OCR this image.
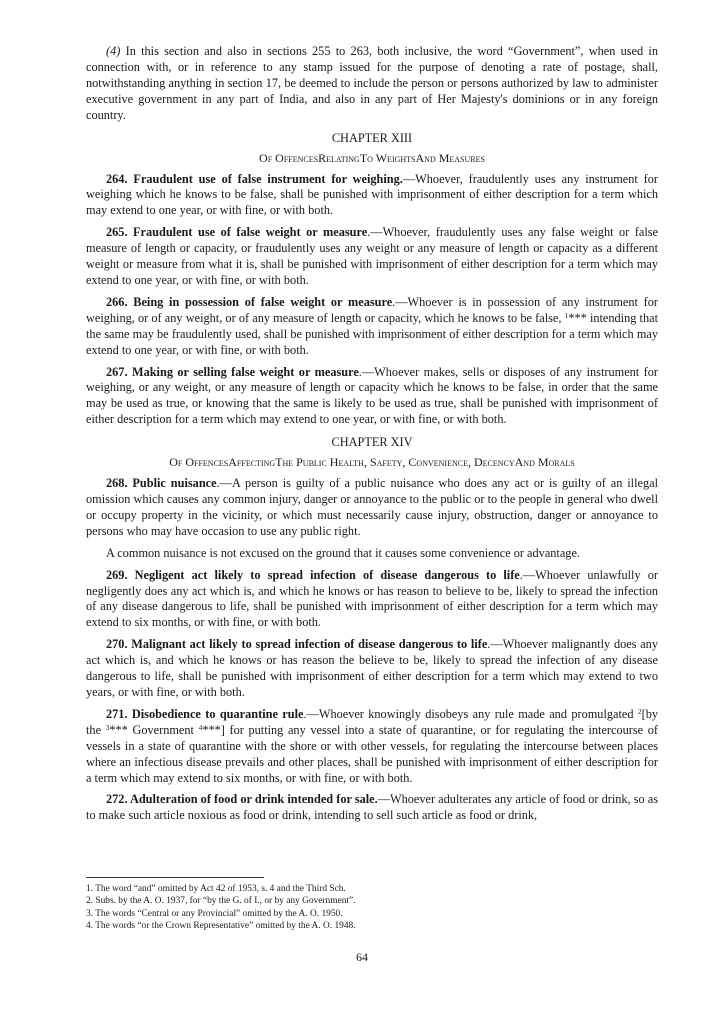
(4) In this section and also in sections 255 to 263, both inclusive, the word “Government”, when used in connection with, or in reference to any stamp issued for the purpose of denoting a rate of postage, shall, notwithstanding anything in section 17, be deemed to include the person or persons authorized by law to administer executive government in any part of India, and also in any part of Her Majesty's dominions or in any foreign country.

CHAPTER XIII
Of OffencesRelatingTo WeightsAnd Measures

264. Fraudulent use of false instrument for weighing.—Whoever, fraudulently uses any instrument for weighing which he knows to be false, shall be punished with imprisonment of either description for a term which may extend to one year, or with fine, or with both.

265. Fraudulent use of false weight or measure.—Whoever, fraudulently uses any false weight or false measure of length or capacity, or fraudulently uses any weight or any measure of length or capacity as a different weight or measure from what it is, shall be punished with imprisonment of either description for a term which may extend to one year, or with fine, or with both.

266. Being in possession of false weight or measure.—Whoever is in possession of any instrument for weighing, or of any weight, or of any measure of length or capacity, which he knows to be false, $^1$*** intending that the same may be fraudulently used, shall be punished with imprisonment of either description for a term which may extend to one year, or with fine, or with both.

267. Making or selling false weight or measure.—Whoever makes, sells or disposes of any instrument for weighing, or any weight, or any measure of length or capacity which he knows to be false, in order that the same may be used as true, or knowing that the same is likely to be used as true, shall be punished with imprisonment of either description for a term which may extend to one year, or with fine, or with both.

CHAPTER XIV
Of OffencesAffectingThe Public Health, Safety, Convenience, DecencyAnd Morals

268. Public nuisance.—A person is guilty of a public nuisance who does any act or is guilty of an illegal omission which causes any common injury, danger or annoyance to the public or to the people in general who dwell or occupy property in the vicinity, or which must necessarily cause injury, obstruction, danger or annoyance to persons who may have occasion to use any public right.

A common nuisance is not excused on the ground that it causes some convenience or advantage.

269. Negligent act likely to spread infection of disease dangerous to life.—Whoever unlawfully or negligently does any act which is, and which he knows or has reason to believe to be, likely to spread the infection of any disease dangerous to life, shall be punished with imprisonment of either description for a term which may extend to six months, or with fine, or with both.

270. Malignant act likely to spread infection of disease dangerous to life.—Whoever malignantly does any act which is, and which he knows or has reason the believe to be, likely to spread the infection of any disease dangerous to life, shall be punished with imprisonment of either description for a term which may extend to two years, or with fine, or with both.

271. Disobedience to quarantine rule.—Whoever knowingly disobeys any rule made and promulgated $^2$[by the $^3$*** Government $^4$***] for putting any vessel into a state of quarantine, or for regulating the intercourse of vessels in a state of quarantine with the shore or with other vessels, for regulating the intercourse between places where an infectious disease prevails and other places, shall be punished with imprisonment of either description for a term which may extend to six months, or with fine, or with both.

272. Adulteration of food or drink intended for sale.—Whoever adulterates any article of food or drink, so as to make such article noxious as food or drink, intending to sell such article as food or drink,

1. The word “and” omitted by Act 42 of 1953, s. 4 and the Third Sch.
2. Subs. by the A. O. 1937, for “by the G. of I., or by any Government”.
3. The words “Central or any Provincial” omitted by the A. O. 1950.
4. The words “or the Crown Representative” omitted by the A. O. 1948.
64
